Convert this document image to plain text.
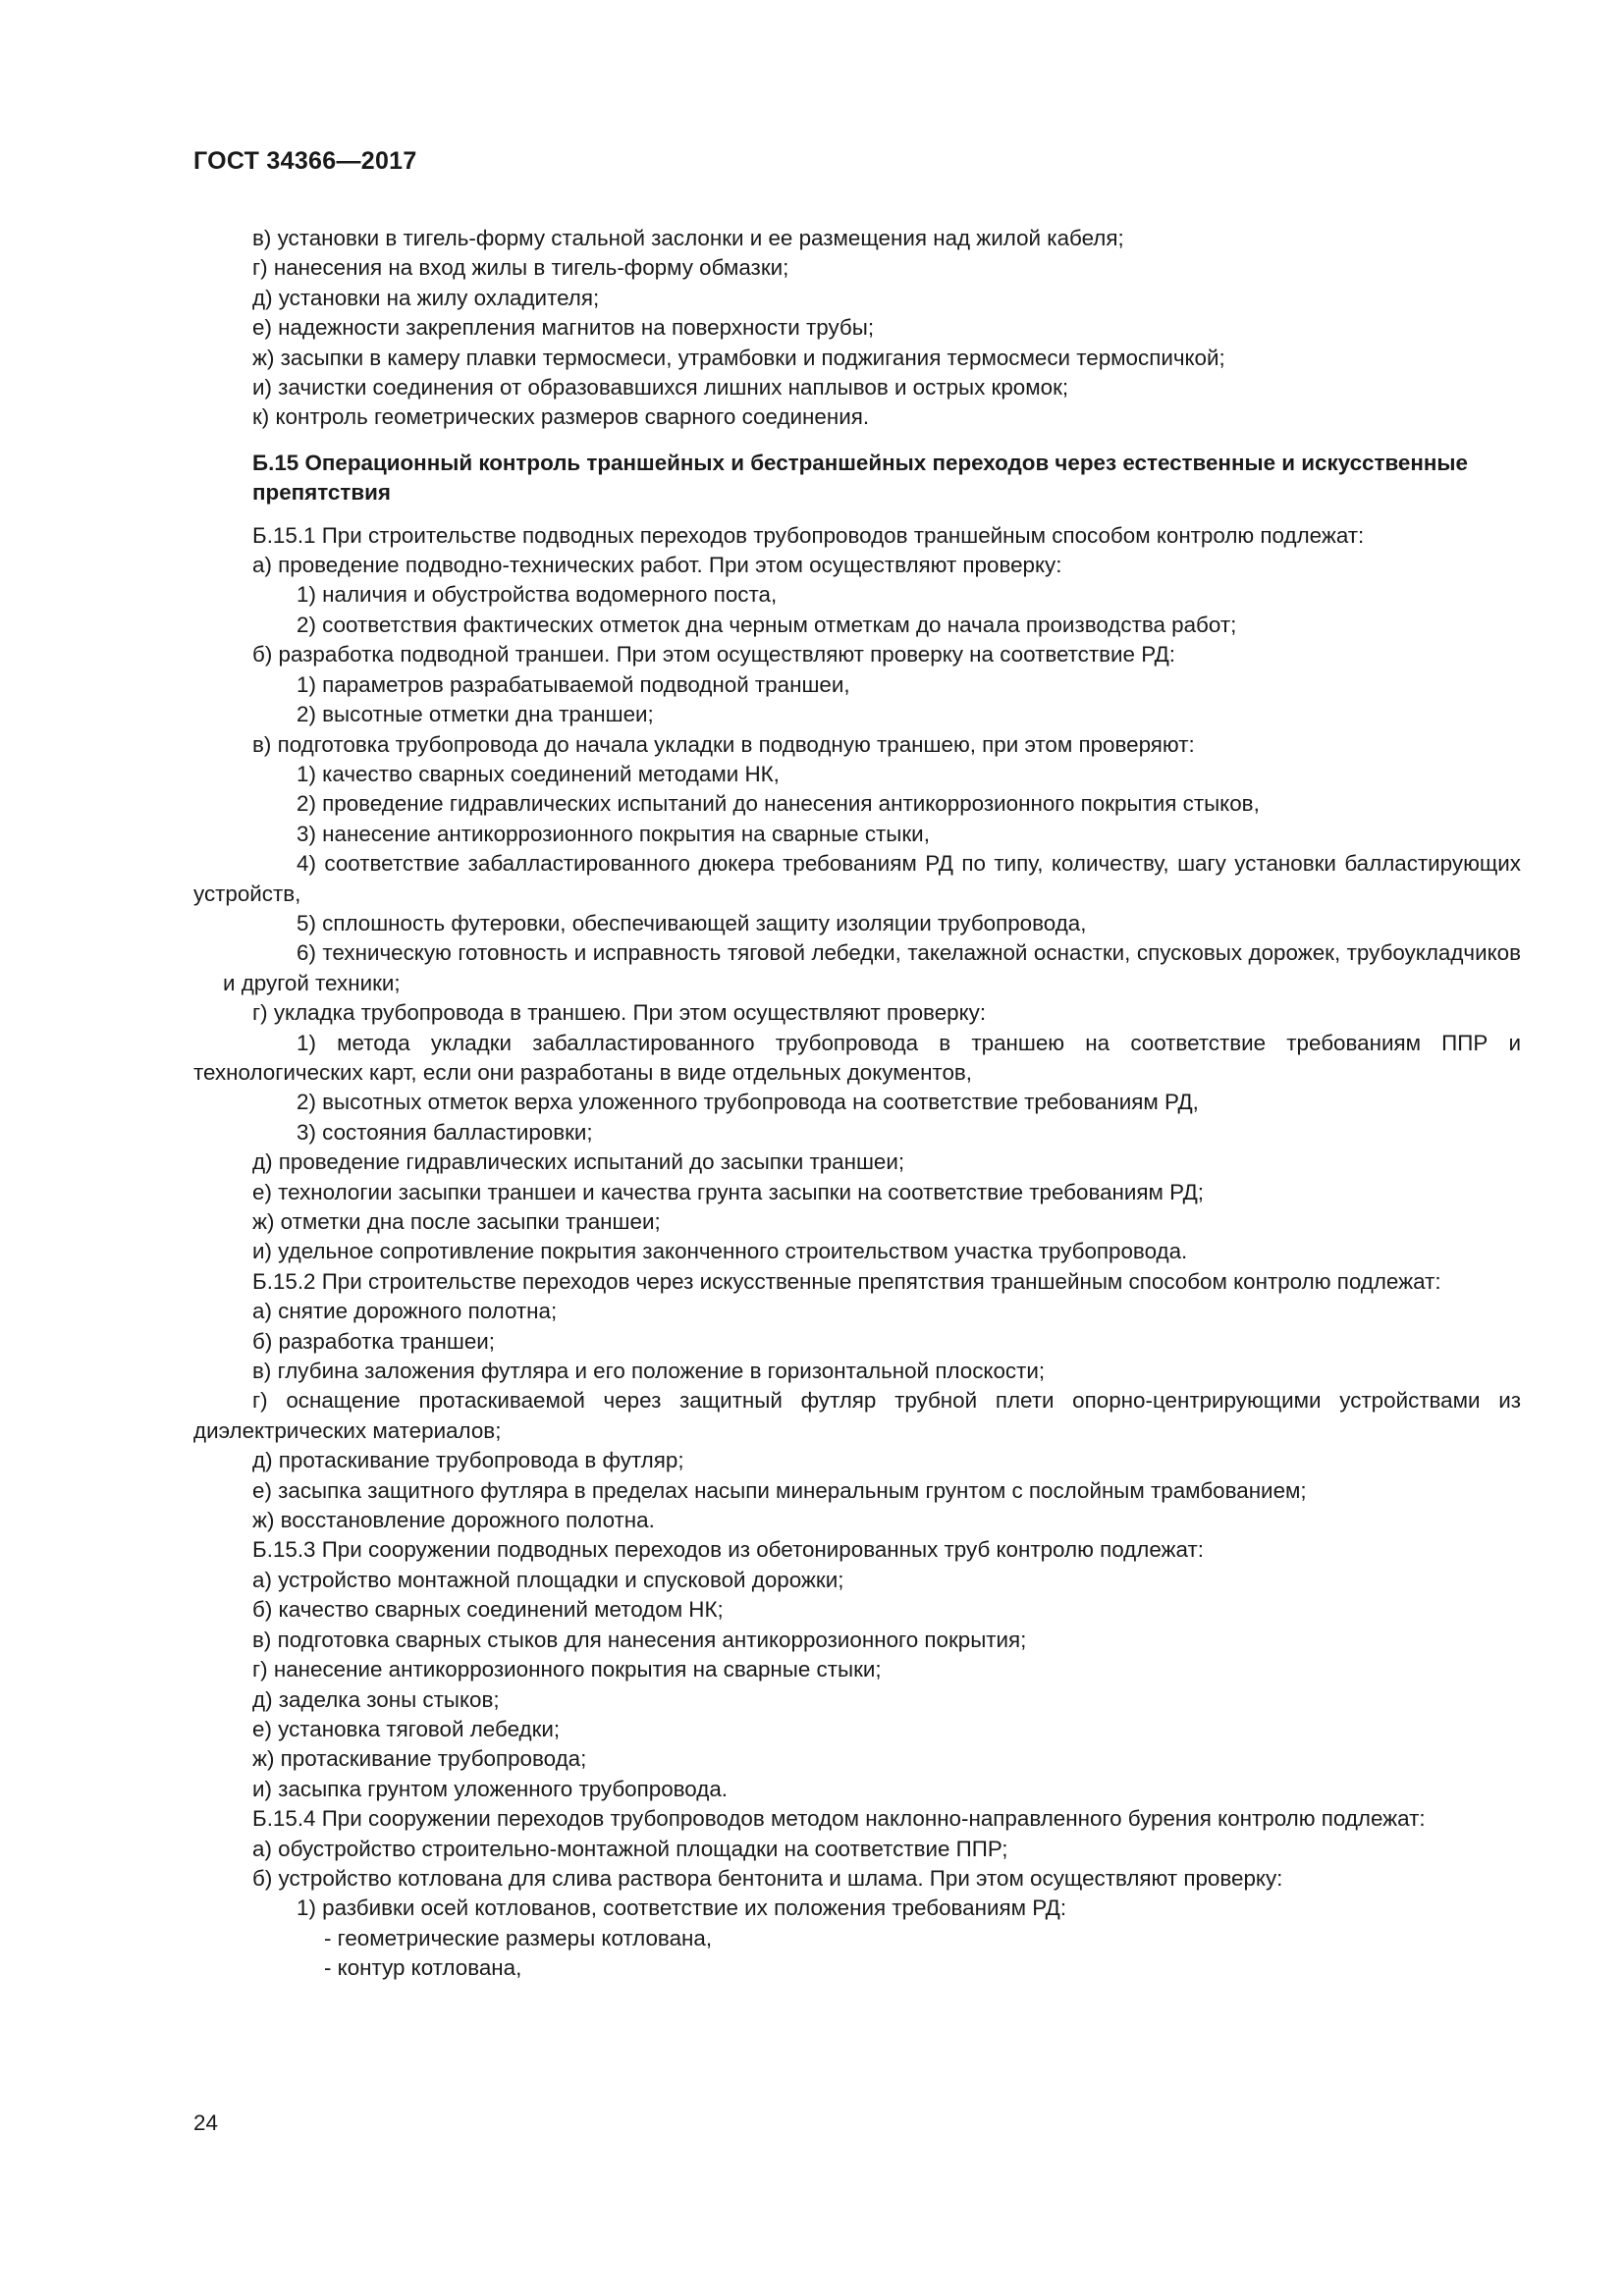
ГОСТ 34366—2017

в) установки в тигель-форму стальной заслонки и ее размещения над жилой кабеля;

г) нанесения на вход жилы в тигель-форму обмазки;

д) установки на жилу охладителя;

е) надежности закрепления магнитов на поверхности трубы;

ж) засыпки в камеру плавки термосмеси, утрамбовки и поджигания термосмеси термоспичкой;

и) зачистки соединения от образовавшихся лишних наплывов и острых кромок;

к) контроль геометрических размеров сварного соединения.

Б.15 Операционный контроль траншейных и бестраншейных переходов через естественные и искусственные препятствия

Б.15.1 При строительстве подводных переходов трубопроводов траншейным способом контролю подлежат:

а) проведение подводно-технических работ. При этом осуществляют проверку:

1) наличия и обустройства водомерного поста,

2) соответствия фактических отметок дна черным отметкам до начала производства работ;

б) разработка подводной траншеи. При этом осуществляют проверку на соответствие РД:

1) параметров разрабатываемой подводной траншеи,

2) высотные отметки дна траншеи;

в) подготовка трубопровода до начала укладки в подводную траншею, при этом проверяют:

1) качество сварных соединений методами НК,

2) проведение гидравлических испытаний до нанесения антикоррозионного покрытия стыков,

3) нанесение антикоррозионного покрытия на сварные стыки,

4) соответствие забалластированного дюкера требованиям РД по типу, количеству, шагу установки балластирующих устройств,

5) сплошность футеровки, обеспечивающей защиту изоляции трубопровода,

6) техническую готовность и исправность тяговой лебедки, такелажной оснастки, спусковых дорожек, трубоукладчиков и другой техники;

г) укладка трубопровода в траншею. При этом осуществляют проверку:

1) метода укладки забалластированного трубопровода в траншею на соответствие требованиям ППР и технологических карт, если они разработаны в виде отдельных документов,

2) высотных отметок верха уложенного трубопровода на соответствие требованиям РД,

3) состояния балластировки;

д) проведение гидравлических испытаний до засыпки траншеи;

е) технологии засыпки траншеи и качества грунта засыпки на соответствие требованиям РД;

ж) отметки дна после засыпки траншеи;

и) удельное сопротивление покрытия законченного строительством участка трубопровода.

Б.15.2 При строительстве переходов через искусственные препятствия траншейным способом контролю подлежат:

а) снятие дорожного полотна;

б) разработка траншеи;

в) глубина заложения футляра и его положение в горизонтальной плоскости;

г) оснащение протаскиваемой через защитный футляр трубной плети опорно-центрирующими устройствами из диэлектрических материалов;

д) протаскивание трубопровода в футляр;

е) засыпка защитного футляра в пределах насыпи минеральным грунтом с послойным трамбованием;

ж) восстановление дорожного полотна.

Б.15.3 При сооружении подводных переходов из обетонированных труб контролю подлежат:

а) устройство монтажной площадки и спусковой дорожки;

б) качество сварных соединений методом НК;

в) подготовка сварных стыков для нанесения антикоррозионного покрытия;

г) нанесение антикоррозионного покрытия на сварные стыки;

д) заделка зоны стыков;

е) установка тяговой лебедки;

ж) протаскивание трубопровода;

и) засыпка грунтом уложенного трубопровода.

Б.15.4 При сооружении переходов трубопроводов методом наклонно-направленного бурения контролю подлежат:

а) обустройство строительно-монтажной площадки на соответствие ППР;

б) устройство котлована для слива раствора бентонита и шлама. При этом осуществляют проверку:

1) разбивки осей котлованов, соответствие их положения требованиям РД:

- геометрические размеры котлована,

- контур котлована,

24
